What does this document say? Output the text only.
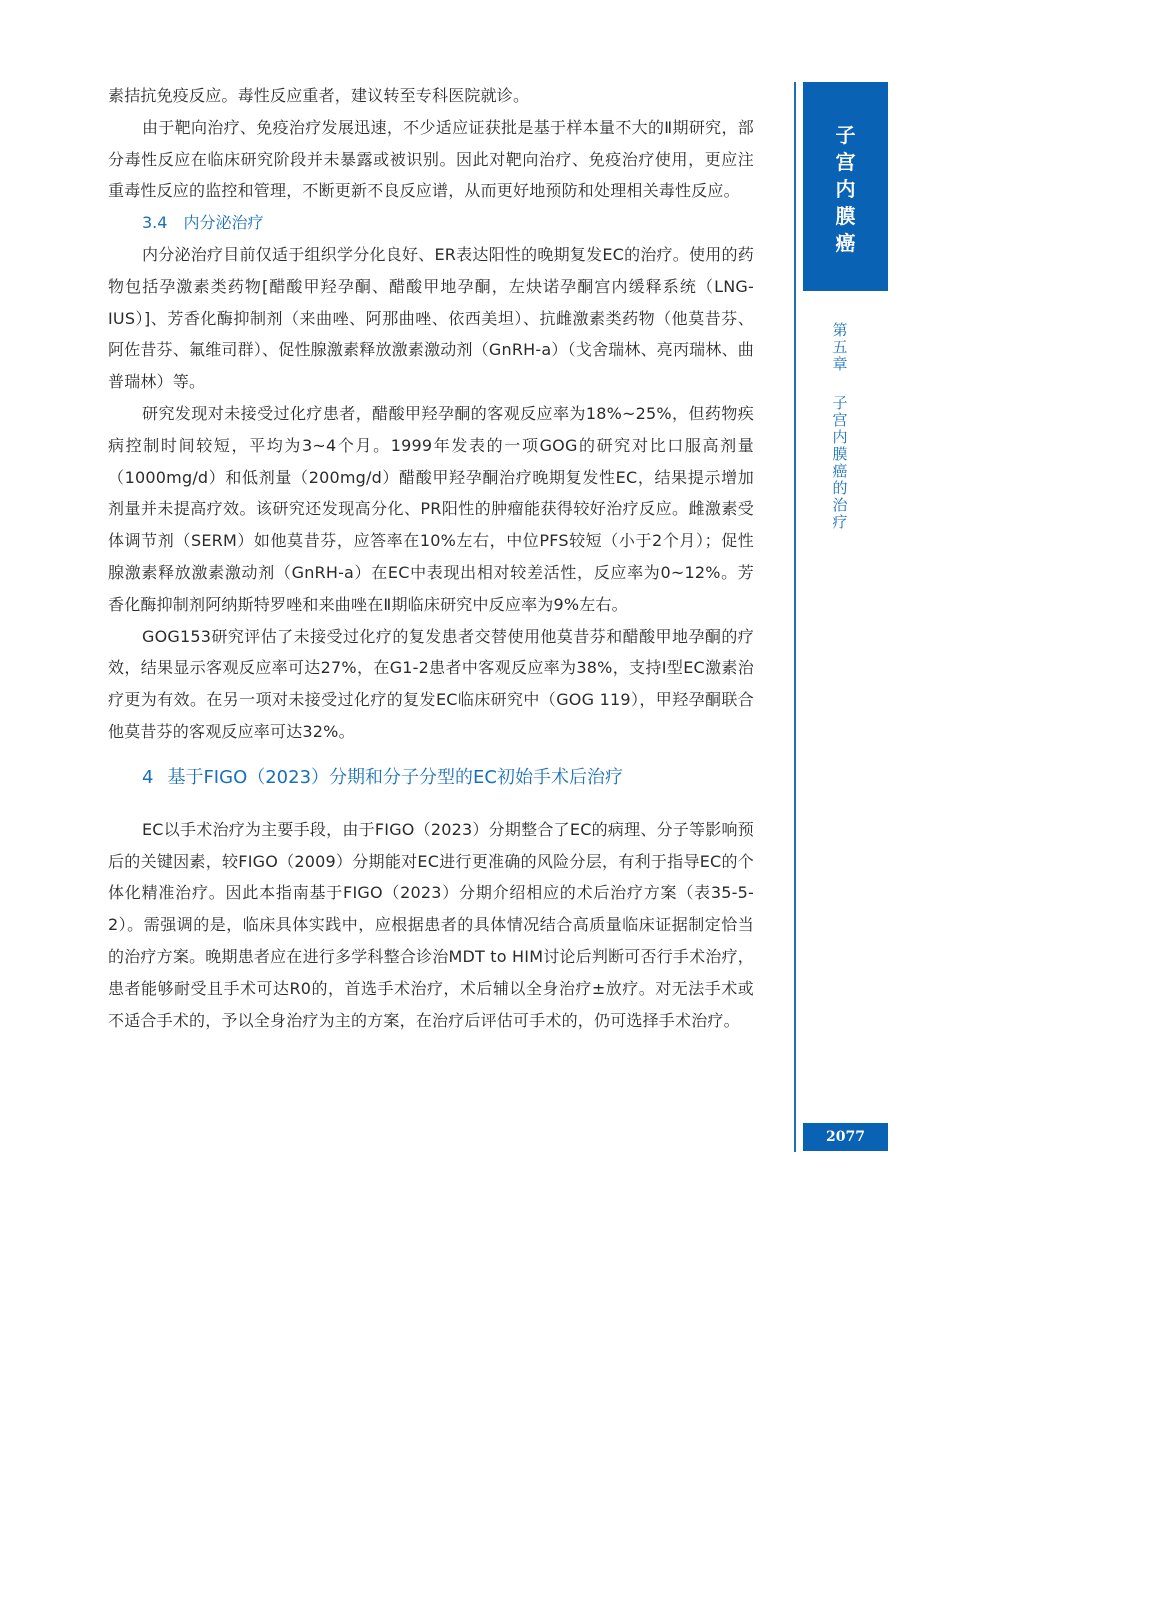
素拮抗免疫反应。毒性反应重者，建议转至专科医院就诊。

由于靶向治疗、免疫治疗发展迅速，不少适应证获批是基于样本量不大的Ⅱ期研究，部分毒性反应在临床研究阶段并未暴露或被识别。因此对靶向治疗、免疫治疗使用，更应注重毒性反应的监控和管理，不断更新不良反应谱，从而更好地预防和处理相关毒性反应。

3.4 内分泌治疗

内分泌治疗目前仅适于组织学分化良好、ER表达阳性的晚期复发EC的治疗。使用的药物包括孕激素类药物[醋酸甲羟孕酮、醋酸甲地孕酮，左炔诺孕酮宫内缓释系统（LNG-IUS）]、芳香化酶抑制剂（来曲唑、阿那曲唑、依西美坦）、抗雌激素类药物（他莫昔芬、阿佐昔芬、氟维司群）、促性腺激素释放激素激动剂（GnRH-a）（戈舍瑞林、亮丙瑞林、曲普瑞林）等。

研究发现对未接受过化疗患者，醋酸甲羟孕酮的客观反应率为18%~25%，但药物疾病控制时间较短，平均为3~4个月。1999年发表的一项GOG的研究对比口服高剂量（1000mg/d）和低剂量（200mg/d）醋酸甲羟孕酮治疗晚期复发性EC，结果提示增加剂量并未提高疗效。该研究还发现高分化、PR阳性的肿瘤能获得较好治疗反应。雌激素受体调节剂（SERM）如他莫昔芬，应答率在10%左右，中位PFS较短（小于2个月）；促性腺激素释放激素激动剂（GnRH-a）在EC中表现出相对较差活性，反应率为0~12%。芳香化酶抑制剂阿纳斯特罗唑和来曲唑在Ⅱ期临床研究中反应率为9%左右。

GOG153研究评估了未接受过化疗的复发患者交替使用他莫昔芬和醋酸甲地孕酮的疗效，结果显示客观反应率可达27%，在G1-2患者中客观反应率为38%，支持Ⅰ型EC激素治疗更为有效。在另一项对未接受过化疗的复发EC临床研究中（GOG 119），甲羟孕酮联合他莫昔芬的客观反应率可达32%。

4 基于FIGO（2023）分期和分子分型的EC初始手术后治疗

EC以手术治疗为主要手段，由于FIGO（2023）分期整合了EC的病理、分子等影响预后的关键因素，较FIGO（2009）分期能对EC进行更准确的风险分层，有利于指导EC的个体化精准治疗。因此本指南基于FIGO（2023）分期介绍相应的术后治疗方案（表35-5-2）。需强调的是，临床具体实践中，应根据患者的具体情况结合高质量临床证据制定恰当的治疗方案。晚期患者应在进行多学科整合诊治MDT to HIM讨论后判断可否行手术治疗，患者能够耐受且手术可达R0的，首选手术治疗，术后辅以全身治疗±放疗。对无法手术或不适合手术的，予以全身治疗为主的方案，在治疗后评估可手术的，仍可选择手术治疗。

子
宫
内
膜
癌
第
五
章
子
宫
内
膜
癌
的
治
疗
2077
